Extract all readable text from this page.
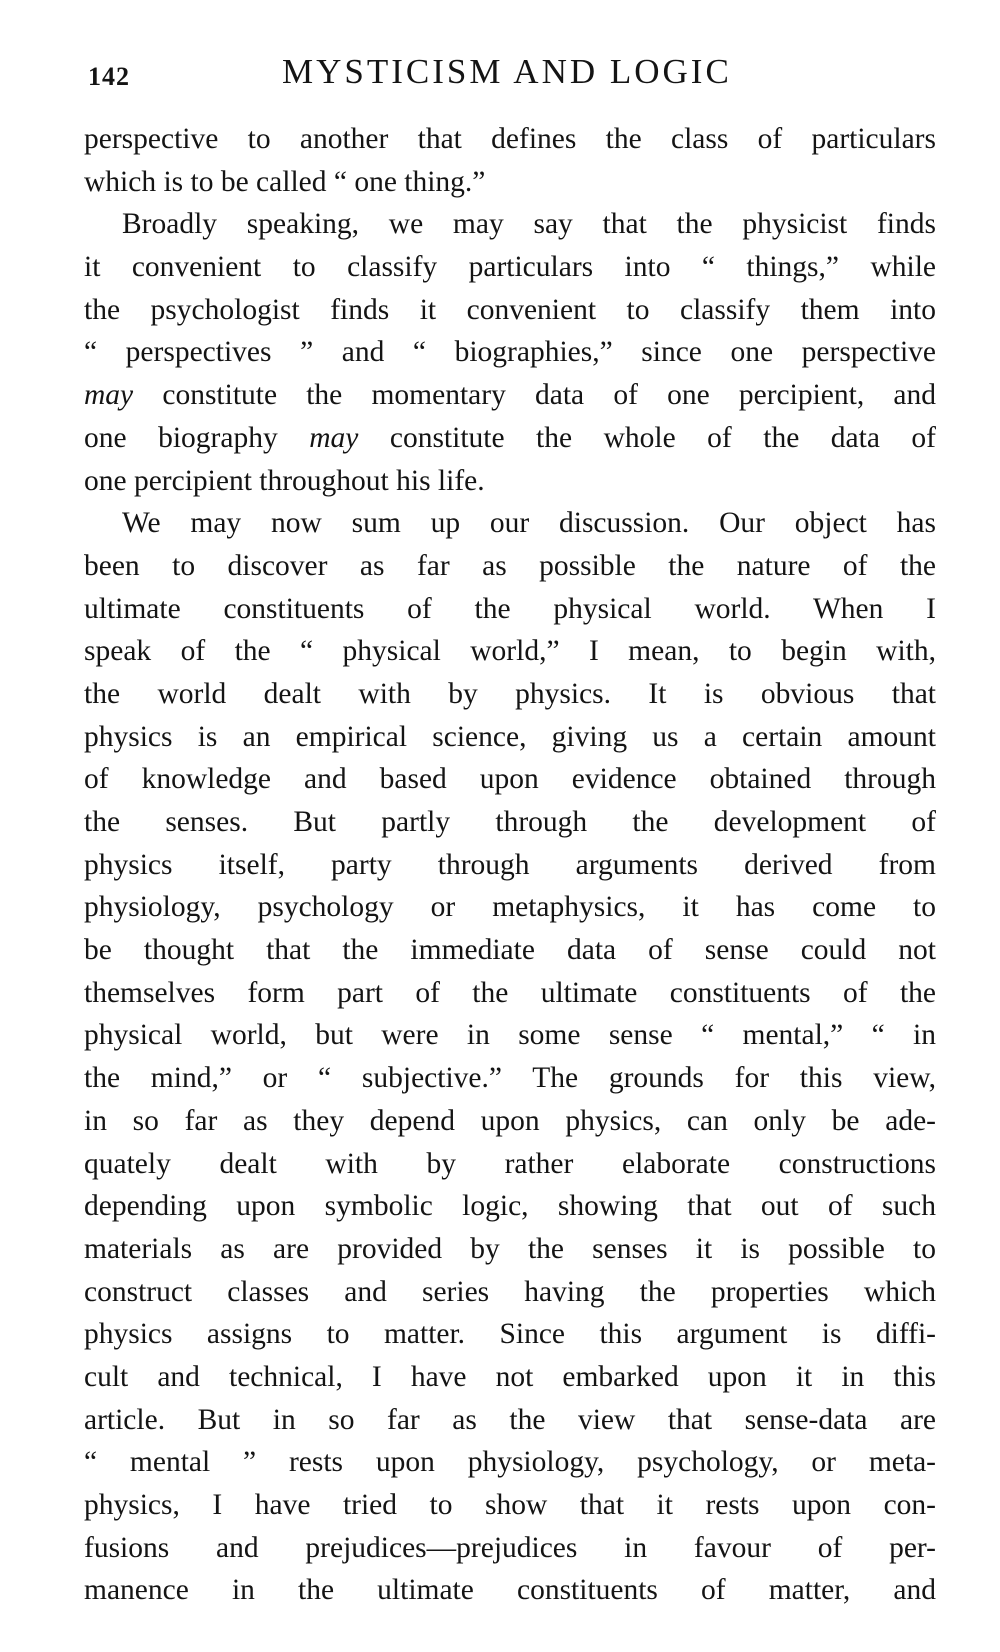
142	MYSTICISM AND LOGIC
perspective to another that defines the class of particulars
which is to be called “ one thing.”
Broadly speaking, we may say that the physicist finds
it convenient to classify particulars into “ things,” while
the psychologist finds it convenient to classify them into
“ perspectives ” and “ biographies,” since one perspective
may constitute the momentary data of one percipient, and
one biography may constitute the whole of the data of
one percipient throughout his life.
We may now sum up our discussion. Our object has
been to discover as far as possible the nature of the
ultimate constituents of the physical world. When I
speak of the “ physical world,” I mean, to begin with,
the world dealt with by physics. It is obvious that
physics is an empirical science, giving us a certain amount
of knowledge and based upon evidence obtained through
the senses. But partly through the development of
physics itself, party through arguments derived from
physiology, psychology or metaphysics, it has come to
be thought that the immediate data of sense could not
themselves form part of the ultimate constituents of the
physical world, but were in some sense “ mental,” “ in
the mind,” or “ subjective.” The grounds for this view,
in so far as they depend upon physics, can only be ade-
quately dealt with by rather elaborate constructions
depending upon symbolic logic, showing that out of such
materials as are provided by the senses it is possible to
construct classes and series having the properties which
physics assigns to matter. Since this argument is diffi-
cult and technical, I have not embarked upon it in this
article. But in so far as the view that sense-data are
“ mental ” rests upon physiology, psychology, or meta-
physics, I have tried to show that it rests upon con-
fusions and prejudices—prejudices in favour of per-
manence in the ultimate constituents of matter, and
